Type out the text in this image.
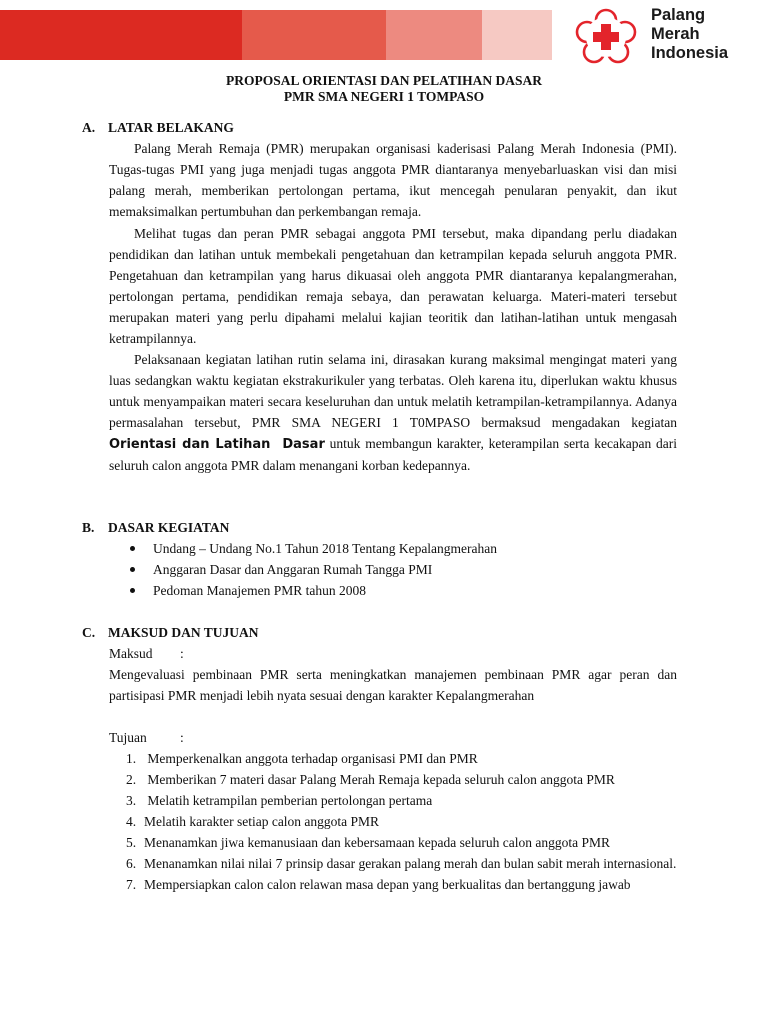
Palang
Merah
Indonesia
PROPOSAL ORIENTASI DAN PELATIHAN DASAR
PMR SMA NEGERI 1 TOMPASO
A. LATAR BELAKANG
Palang Merah Remaja (PMR) merupakan organisasi kaderisasi Palang Merah Indonesia (PMI). Tugas-tugas PMI yang juga menjadi tugas anggota PMR diantaranya menyebarluaskan visi dan misi palang merah, memberikan pertolongan pertama, ikut mencegah penularan penyakit, dan ikut memaksimalkan pertumbuhan dan perkembangan remaja.
Melihat tugas dan peran PMR sebagai anggota PMI tersebut, maka dipandang perlu diadakan pendidikan dan latihan untuk membekali pengetahuan dan ketrampilan kepada seluruh anggota PMR. Pengetahuan dan ketrampilan yang harus dikuasai oleh anggota PMR diantaranya kepalangmerahan, pertolongan pertama, pendidikan remaja sebaya, dan perawatan keluarga. Materi-materi tersebut merupakan materi yang perlu dipahami melalui kajian teoritik dan latihan-latihan untuk mengasah ketrampilannya.
Pelaksanaan kegiatan latihan rutin selama ini, dirasakan kurang maksimal mengingat materi yang luas sedangkan waktu kegiatan ekstrakurikuler yang terbatas. Oleh karena itu, diperlukan waktu khusus untuk menyampaikan materi secara keseluruhan dan untuk melatih ketrampilan-ketrampilannya. Adanya permasalahan tersebut, PMR SMA NEGERI 1 T0MPASO bermaksud mengadakan kegiatan Orientasi dan Latihan  Dasar untuk membangun karakter, keterampilan serta kecakapan dari seluruh calon anggota PMR dalam menangani korban kedepannya.
B. DASAR KEGIATAN
Undang – Undang No.1 Tahun 2018 Tentang Kepalangmerahan
Anggaran Dasar dan Anggaran Rumah Tangga PMI
Pedoman Manajemen PMR tahun 2008
C. MAKSUD DAN TUJUAN
Maksud :
Mengevaluasi pembinaan PMR serta meningkatkan manajemen pembinaan PMR agar peran dan partisipasi PMR menjadi lebih nyata sesuai dengan karakter Kepalangmerahan
Tujuan :
1. Memperkenalkan anggota terhadap organisasi PMI dan PMR
2. Memberikan 7 materi dasar Palang Merah Remaja kepada seluruh calon anggota PMR
3. Melatih ketrampilan pemberian pertolongan pertama
4. Melatih karakter setiap calon anggota PMR
5. Menanamkan jiwa kemanusiaan dan kebersamaan kepada seluruh calon anggota PMR
6. Menanamkan nilai nilai 7 prinsip dasar gerakan palang merah dan bulan sabit merah internasional.
7. Mempersiapkan calon calon relawan masa depan yang berkualitas dan bertanggung jawab
